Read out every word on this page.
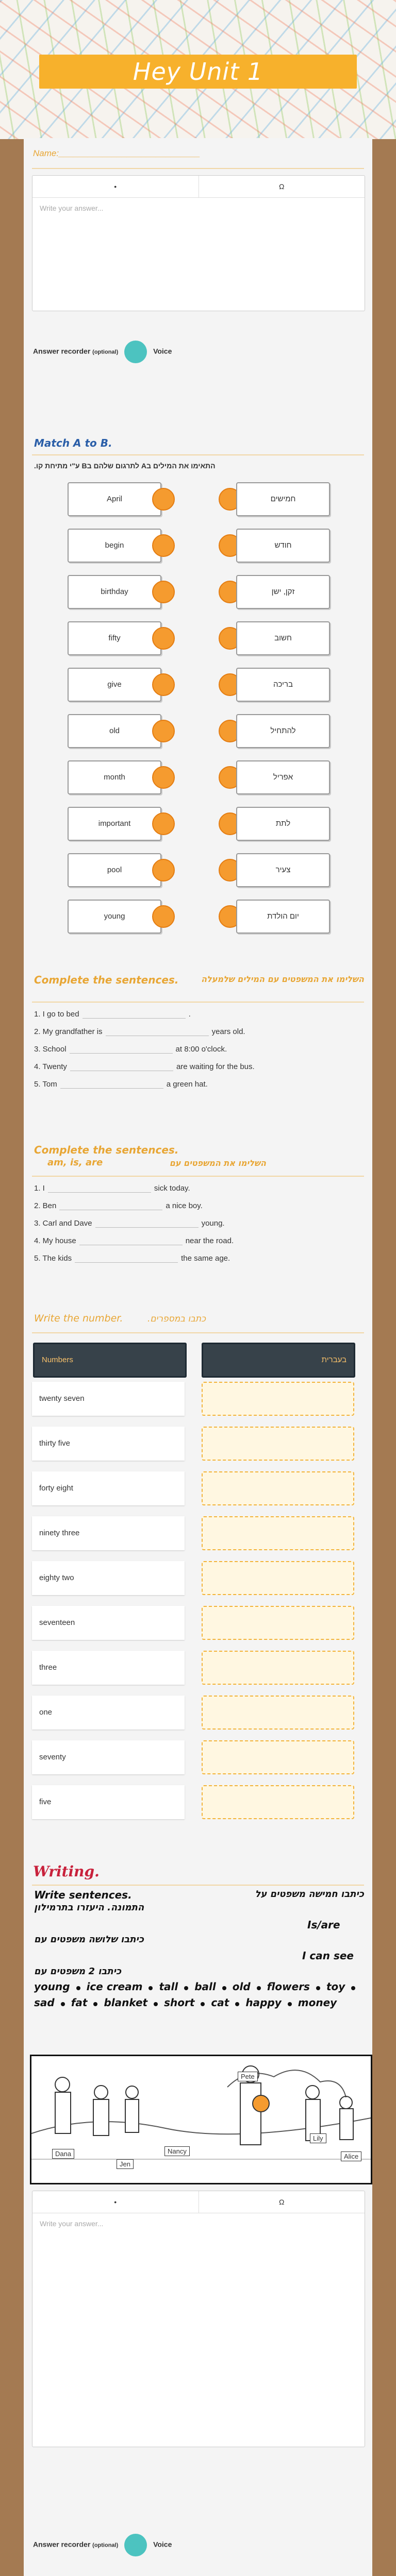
Hey Unit 1
Name:_____________________________
•	Ω
Write your answer...
Answer recorder (optional)	Voice
Match A to B.
התאימו את המילים בA לתרגום שלהם בB ע"י מתיחת קו.
April	חמישים
begin	חודש
birthday	זקן, ישן
fifty	חשוב
give	בריכה
old	להתחיל
month	אפריל
important	לתת
pool	צעיר
young	יום הולדת
Complete the sentences.	השלימו את המשפטים עם המילים שלמעלה
1. I go to bed	.
2. My grandfather is	years old.
3. School	at 8:00 o'clock.
4. Twenty	are waiting for the bus.
5. Tom	a green hat.
Complete the sentences.
am, is, are	השלימו את המשפטים עם
1. I	sick today.
2. Ben	a nice boy.
3. Carl and Dave	young.
4. My house	near the road.
5. The kids	the same age.
Write the number.	כתבו במספרים.
Numbers	בעברית
twenty seven
thirty five
forty eight
ninety three
eighty two
seventeen
three
one
seventy
five
Writing.
Write sentences.	כיתבו חמישה משפטים על
התמונה. היעזרו בתרמילון
Is/are
כיתבו שלושה משפטים עם
I can see
כיתבו 2 משפטים עם
young ice cream tall ball old flowers toysad fat blanket short cat happy money
Pete
Dana
Jen
Nancy
Lily
Alice
•	Ω
Write your answer...
Answer recorder (optional)	Voice
